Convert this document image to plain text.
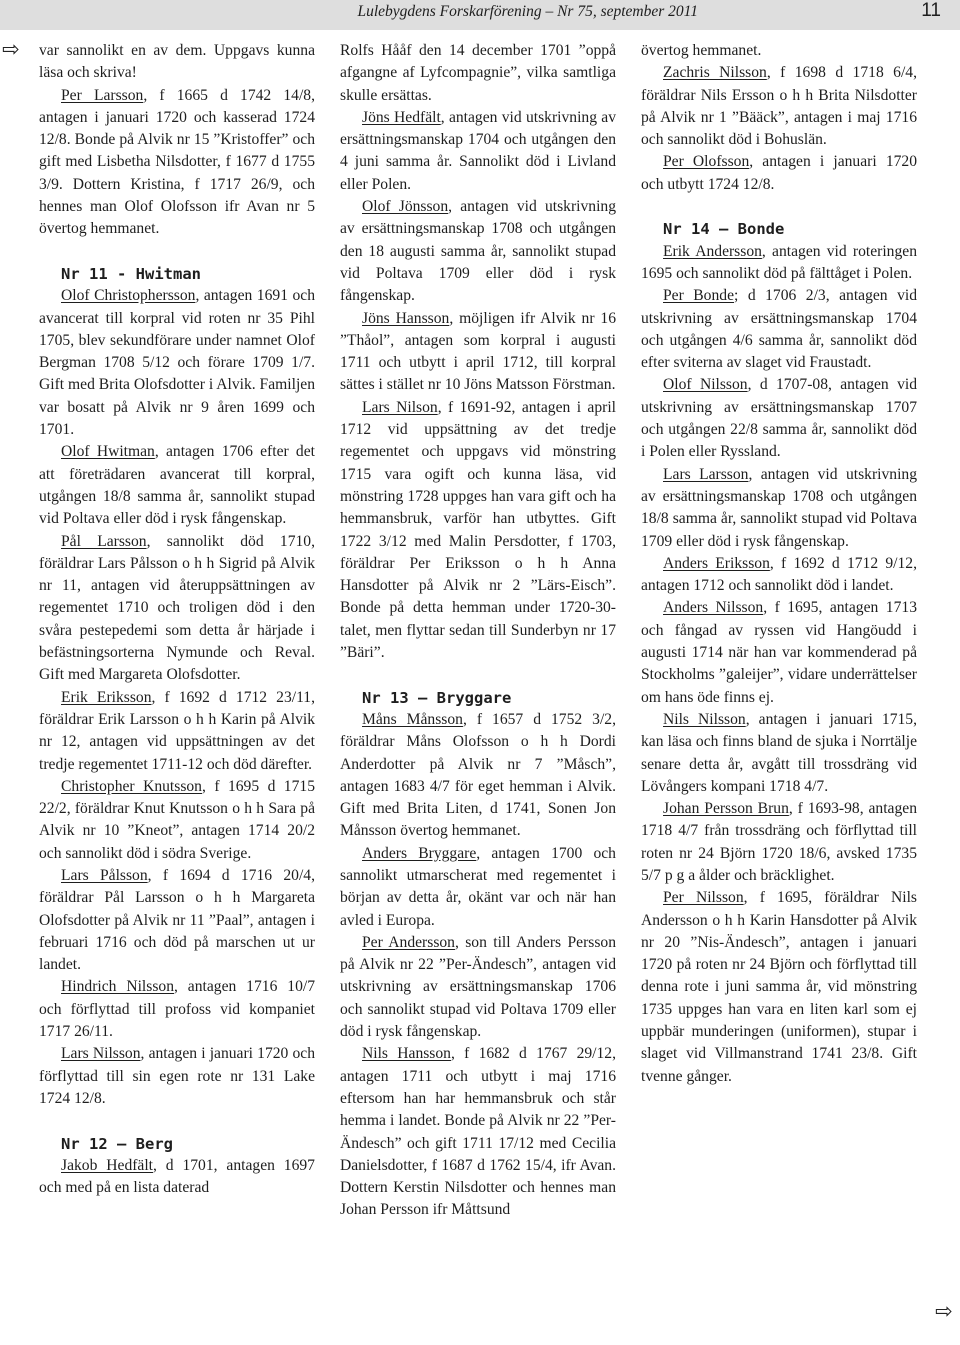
Lulebygdens Forskarförening – Nr 75, september 2011	11
⇨
⇨

var sannolikt en av dem. Uppgavs kunna läsa och skriva!

Per Larsson, f 1665 d 1742 14/8, antagen i januari 1720 och kasserad 1724 12/8. Bonde på Alvik nr 15 ”Kristoffer” och gift med Lisbetha Nilsdotter, f 1677 d 1755 3/9. Dottern Kristina, f 1717 26/9, och hennes man Olof Olofsson ifr Avan nr 5 övertog hemmanet.

Nr 11 - Hwitman

Olof Christophersson, antagen 1691 och avancerat till korpral vid roten nr 35 Pihl 1705, blev sekundförare under namnet Olof Bergman 1708 5/12 och förare 1709 1/7. Gift med Brita Olofsdotter i Alvik. Familjen var bosatt på Alvik nr 9 åren 1699 och 1701.

Olof Hwitman, antagen 1706 efter det att företrädaren avancerat till korpral, utgången 18/8 samma år, sannolikt stupad vid Poltava eller död i rysk fångenskap.

Pål Larsson, sannolikt död 1710, föräldrar Lars Pålsson o h h Sigrid på Alvik nr 11, antagen vid återuppsättningen av regementet 1710 och troligen död i den svåra pestepedemi som detta år härjade i befästningsorterna Nymunde och Reval. Gift med Margareta Olofsdotter.

Erik Eriksson, f 1692 d 1712 23/11, föräldrar Erik Larsson o h h Karin på Alvik nr 12, antagen vid uppsättningen av det tredje regementet 1711-12 och död därefter.

Christopher Knutsson, f 1695 d 1715 22/2, föräldrar Knut Knutsson o h h Sara på Alvik nr 10 ”Kneot”, antagen 1714 20/2 och sannolikt död i södra Sverige.

Lars Pålsson, f 1694 d 1716 20/4, föräldrar Pål Larsson o h h Margareta Olofsdotter på Alvik nr 11 ”Paal”, antagen i februari 1716 och död på marschen ut ur landet.

Hindrich Nilsson, antagen 1716 10/7 och förflyttad till profoss vid kompaniet 1717 26/11.

Lars Nilsson, antagen i januari 1720 och förflyttad till sin egen rote nr 131 Lake 1724 12/8.

Nr 12 – Berg

Jakob Hedfält, d 1701, antagen 1697 och med på en lista daterad

Rolfs Hååf den 14 december 1701 ”oppå afgangne af Lyfcompagnie”, vilka samtliga skulle ersättas.

Jöns Hedfält, antagen vid utskrivning av ersättningsmanskap 1704 och utgången den 4 juni samma år. Sannolikt död i Livland eller Polen.

Olof Jönsson, antagen vid utskrivning av ersättningsmanskap 1708 och utgången den 18 augusti samma år, sannolikt stupad vid Poltava 1709 eller död i rysk fångenskap.

Jöns Hansson, möjligen ifr Alvik nr 16 ”Thåol”, antagen som korpral i augusti 1711 och utbytt i april 1712, till korpral sättes i stället nr 10 Jöns Matsson Förstman.

Lars Nilson, f 1691-92, antagen i april 1712 vid uppsättning av det tredje regementet och uppgavs vid mönstring 1715 vara ogift och kunna läsa, vid mönstring 1728 uppges han vara gift och ha hemmansbruk, varför han utbyttes. Gift 1722 3/12 med Malin Persdotter, f 1703, föräldrar Per Eriksson o h h Anna Hansdotter på Alvik nr 2 ”Lärs-Eisch”. Bonde på detta hemman under 1720-30-talet, men flyttar sedan till Sunderbyn nr 17 ”Bäri”.

Nr 13 – Bryggare

Måns Månsson, f 1657 d 1752 3/2, föräldrar Måns Olofsson o h h Dordi Anderdotter på Alvik nr 7 ”Måsch”, antagen 1683 4/7 för eget hemman i Alvik. Gift med Brita Liten, d 1741, Sonen Jon Månsson övertog hemmanet.

Anders Bryggare, antagen 1700 och sannolikt utmarscherat med regementet i början av detta år, okänt var och när han avled i Europa.

Per Andersson, son till Anders Persson på Alvik nr 22 ”Per-Ändesch”, antagen vid utskrivning av ersättningsmanskap 1706 och sannolikt stupad vid Poltava 1709 eller död i rysk fångenskap.

Nils Hansson, f 1682 d 1767 29/12, antagen 1711 och utbytt i maj 1716 eftersom han har hemmansbruk och står hemma i landet. Bonde på Alvik nr 22 ”Per-Ändesch” och gift 1711 17/12 med Cecilia Danielsdotter, f 1687 d 1762 15/4, ifr Avan. Dottern Kerstin Nilsdotter och hennes man Johan Persson ifr Måttsund

övertog hemmanet.

Zachris Nilsson, f 1698 d 1718 6/4, föräldrar Nils Ersson o h h Brita Nilsdotter på Alvik nr 1 ”Bääck”, antagen i maj 1716 och sannolikt död i Bohuslän.

Per Olofsson, antagen i januari 1720 och utbytt 1724 12/8.

Nr 14 – Bonde

Erik Andersson, antagen vid roteringen 1695 och sannolikt död på fälttåget i Polen.

Per Bonde; d 1706 2/3, antagen vid utskrivning av ersättningsmanskap 1704 och utgången 4/6 samma år, sannolikt död efter sviterna av slaget vid Fraustadt.

Olof Nilsson, d 1707-08, antagen vid utskrivning av ersättningsmanskap 1707 och utgången 22/8 samma år, sannolikt död i Polen eller Ryssland.

Lars Larsson, antagen vid utskrivning av ersättningsmanskap 1708 och utgången 18/8 samma år, sannolikt stupad vid Poltava 1709 eller död i rysk fångenskap.

Anders Eriksson, f 1692 d 1712 9/12, antagen 1712 och sannolikt död i landet.

Anders Nilsson, f 1695, antagen 1713 och fångad av ryssen vid Hangöudd i augusti 1714 när han var kommenderad på Stockholms ”galeijer”, vidare underrättelser om hans öde finns ej.

Nils Nilsson, antagen i januari 1715, kan läsa och finns bland de sjuka i Norrtälje senare detta år, avgått till trossdräng vid Lövångers kompani 1718 4/7.

Johan Persson Brun, f 1693-98, antagen 1718 4/7 från trossdräng och förflyttad till roten nr 24 Björn 1720 18/6, avsked 1735 5/7 p g a ålder och bräcklighet.

Per Nilsson, f 1695, föräldrar Nils Andersson o h h Karin Hansdotter på Alvik nr 20 ”Nis-Ändesch”, antagen i januari 1720 på roten nr 24 Björn och förflyttad till denna rote i juni samma år, vid mönstring 1735 uppges han vara en liten karl som ej uppbär munderingen (uniformen), stupar i slaget vid Villmanstrand 1741 23/8. Gift tvenne gånger.
